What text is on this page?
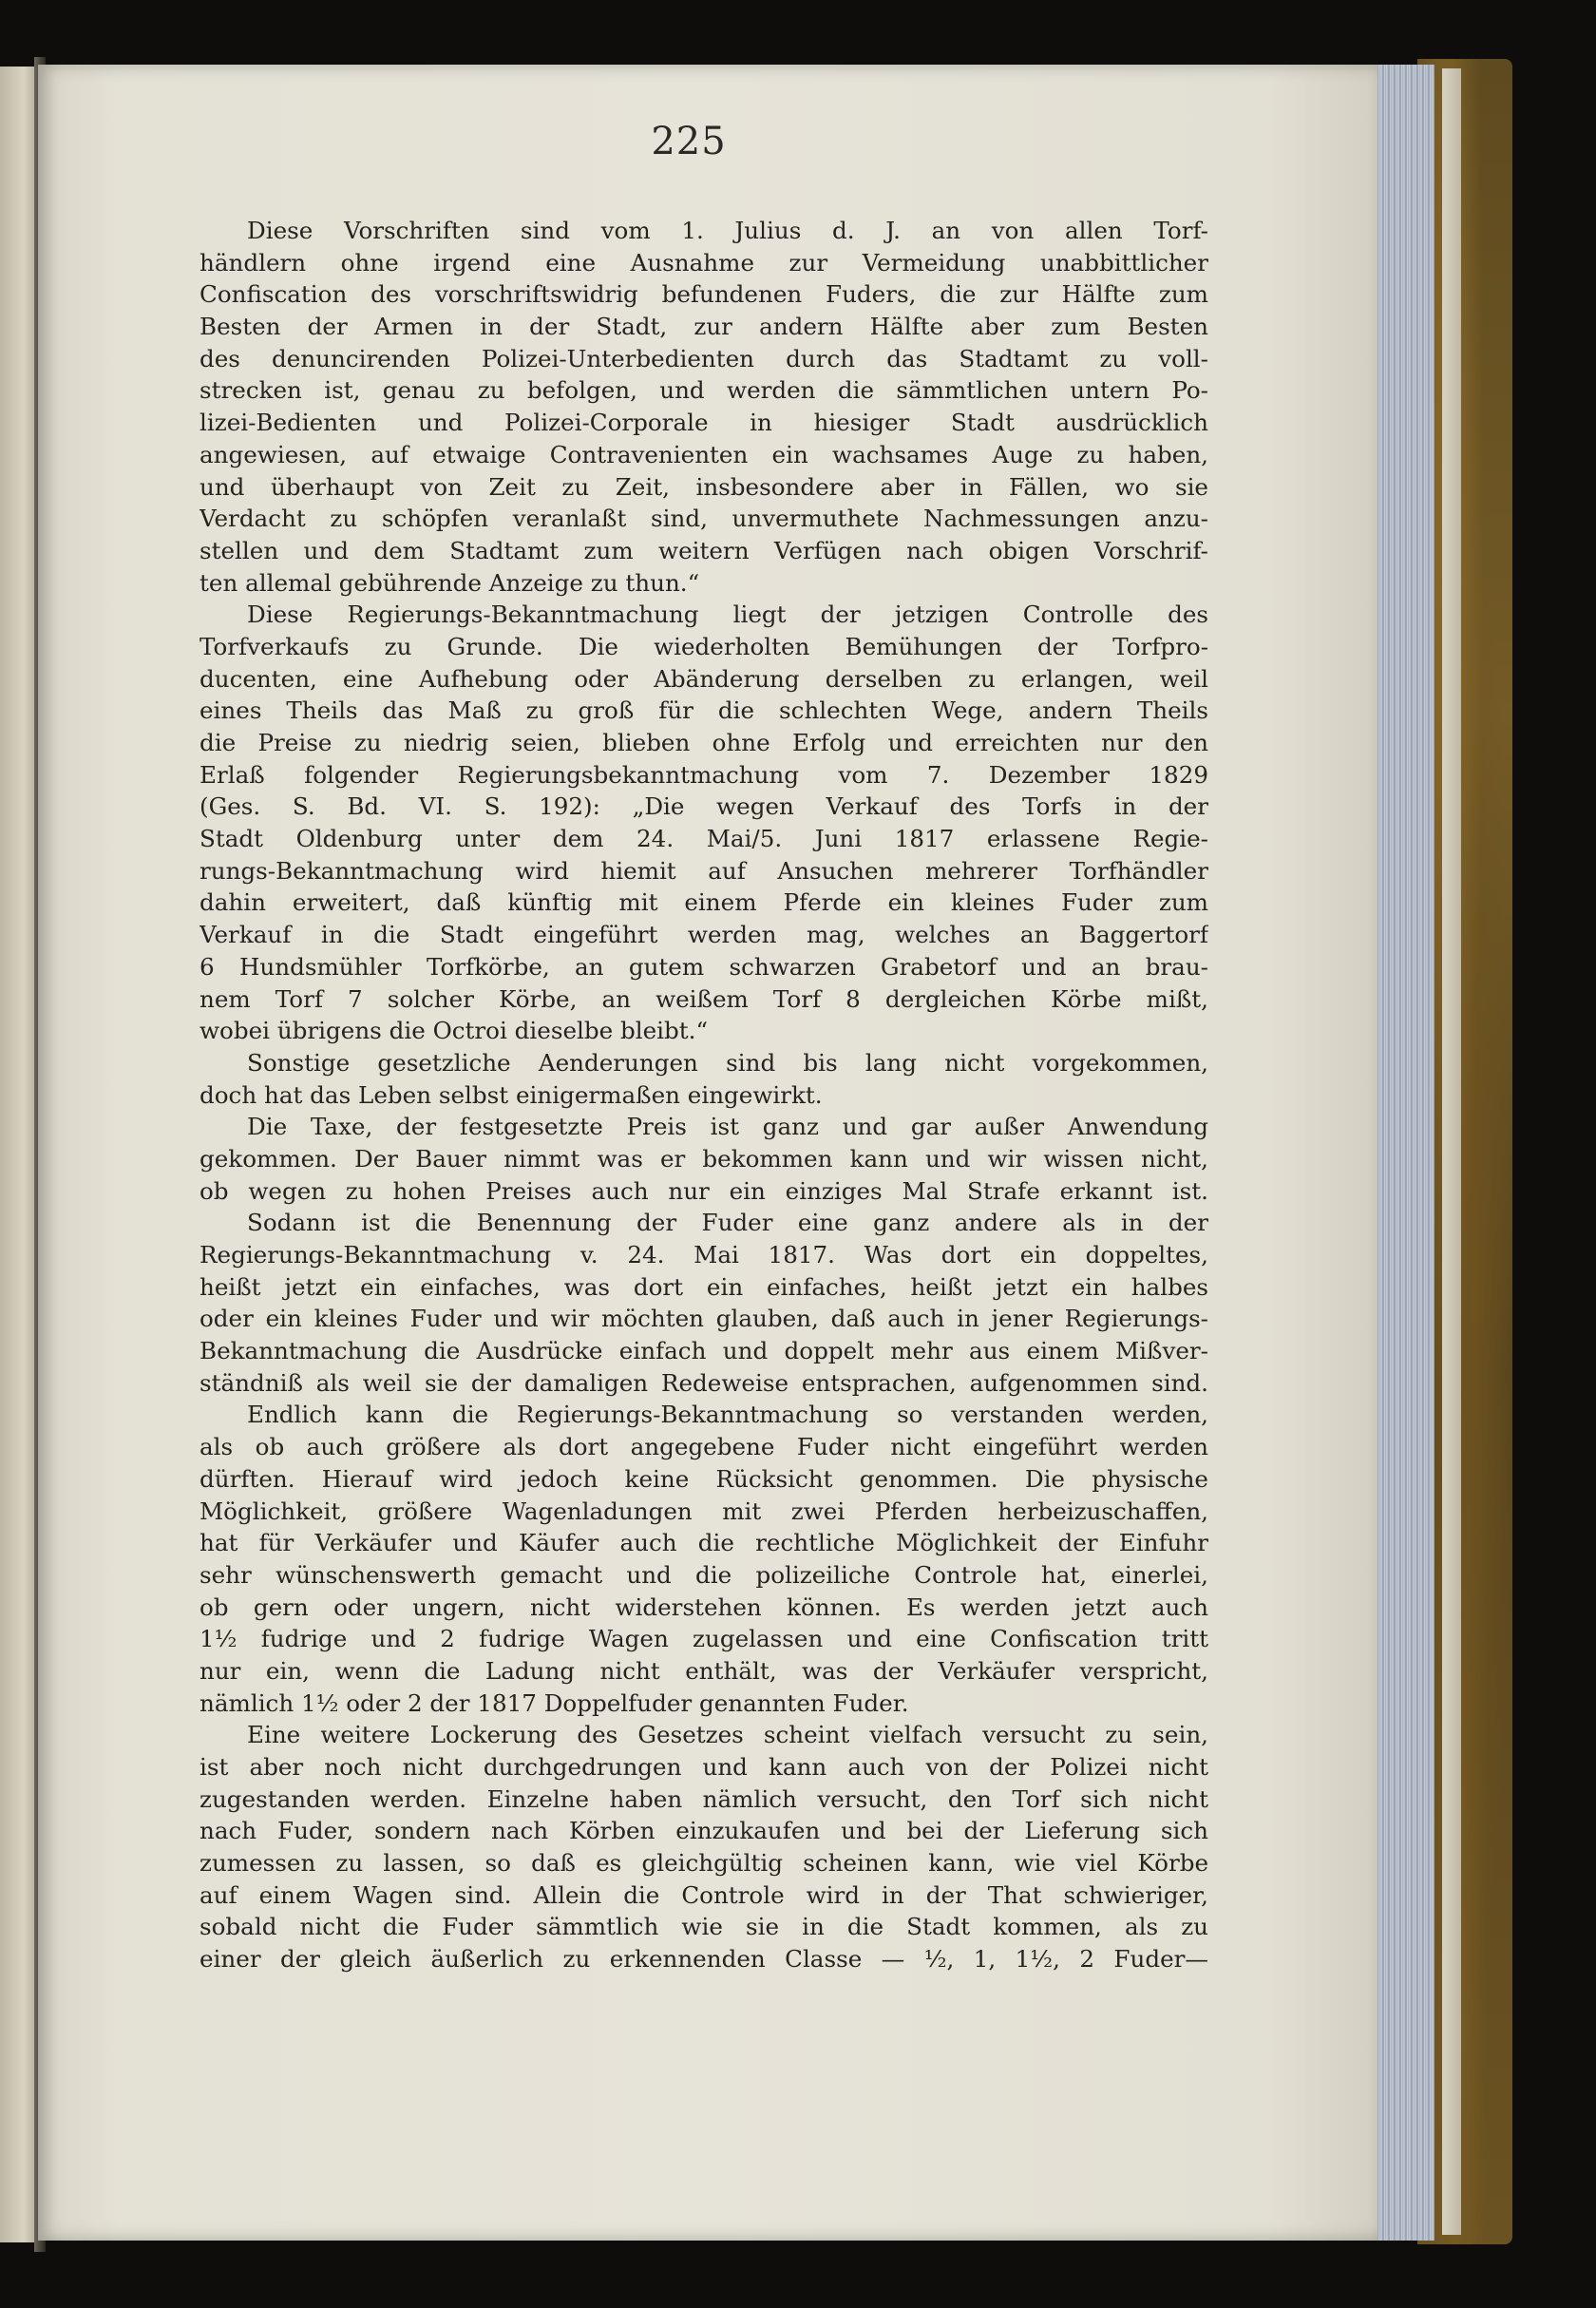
225
Diese Vorschriften sind vom 1. Julius d. J. an von allen Torf-
händlern ohne irgend eine Ausnahme zur Vermeidung unabbittlicher
Confiscation des vorschriftswidrig befundenen Fuders, die zur Hälfte zum
Besten der Armen in der Stadt, zur andern Hälfte aber zum Besten
des denuncirenden Polizei-Unterbedienten durch das Stadtamt zu voll-
strecken ist, genau zu befolgen, und werden die sämmtlichen untern Po-
lizei-Bedienten und Polizei-Corporale in hiesiger Stadt ausdrücklich
angewiesen, auf etwaige Contravenienten ein wachsames Auge zu haben,
und überhaupt von Zeit zu Zeit, insbesondere aber in Fällen, wo sie
Verdacht zu schöpfen veranlaßt sind, unvermuthete Nachmessungen anzu-
stellen und dem Stadtamt zum weitern Verfügen nach obigen Vorschrif-
ten allemal gebührende Anzeige zu thun.“
Diese Regierungs-Bekanntmachung liegt der jetzigen Controlle des
Torfverkaufs zu Grunde. Die wiederholten Bemühungen der Torfpro-
ducenten, eine Aufhebung oder Abänderung derselben zu erlangen, weil
eines Theils das Maß zu groß für die schlechten Wege, andern Theils
die Preise zu niedrig seien, blieben ohne Erfolg und erreichten nur den
Erlaß folgender Regierungsbekanntmachung vom 7. Dezember 1829
(Ges. S. Bd. VI. S. 192): „Die wegen Verkauf des Torfs in der
Stadt Oldenburg unter dem 24. Mai/5. Juni 1817 erlassene Regie-
rungs-Bekanntmachung wird hiemit auf Ansuchen mehrerer Torfhändler
dahin erweitert, daß künftig mit einem Pferde ein kleines Fuder zum
Verkauf in die Stadt eingeführt werden mag, welches an Baggertorf
6 Hundsmühler Torfkörbe, an gutem schwarzen Grabetorf und an brau-
nem Torf 7 solcher Körbe, an weißem Torf 8 dergleichen Körbe mißt,
wobei übrigens die Octroi dieselbe bleibt.“
Sonstige gesetzliche Aenderungen sind bis lang nicht vorgekommen,
doch hat das Leben selbst einigermaßen eingewirkt.
Die Taxe, der festgesetzte Preis ist ganz und gar außer Anwendung
gekommen. Der Bauer nimmt was er bekommen kann und wir wissen nicht,
ob wegen zu hohen Preises auch nur ein einziges Mal Strafe erkannt ist.
Sodann ist die Benennung der Fuder eine ganz andere als in der
Regierungs-Bekanntmachung v. 24. Mai 1817. Was dort ein doppeltes,
heißt jetzt ein einfaches, was dort ein einfaches, heißt jetzt ein halbes
oder ein kleines Fuder und wir möchten glauben, daß auch in jener Regierungs-
Bekanntmachung die Ausdrücke einfach und doppelt mehr aus einem Mißver-
ständniß als weil sie der damaligen Redeweise entsprachen, aufgenommen sind.
Endlich kann die Regierungs-Bekanntmachung so verstanden werden,
als ob auch größere als dort angegebene Fuder nicht eingeführt werden
dürften. Hierauf wird jedoch keine Rücksicht genommen. Die physische
Möglichkeit, größere Wagenladungen mit zwei Pferden herbeizuschaffen,
hat für Verkäufer und Käufer auch die rechtliche Möglichkeit der Einfuhr
sehr wünschenswerth gemacht und die polizeiliche Controle hat, einerlei,
ob gern oder ungern, nicht widerstehen können. Es werden jetzt auch
1½ fudrige und 2 fudrige Wagen zugelassen und eine Confiscation tritt
nur ein, wenn die Ladung nicht enthält, was der Verkäufer verspricht,
nämlich 1½ oder 2 der 1817 Doppelfuder genannten Fuder.
Eine weitere Lockerung des Gesetzes scheint vielfach versucht zu sein,
ist aber noch nicht durchgedrungen und kann auch von der Polizei nicht
zugestanden werden. Einzelne haben nämlich versucht, den Torf sich nicht
nach Fuder, sondern nach Körben einzukaufen und bei der Lieferung sich
zumessen zu lassen, so daß es gleichgültig scheinen kann, wie viel Körbe
auf einem Wagen sind. Allein die Controle wird in der That schwieriger,
sobald nicht die Fuder sämmtlich wie sie in die Stadt kommen, als zu
einer der gleich äußerlich zu erkennenden Classe — ½, 1, 1½, 2 Fuder—
